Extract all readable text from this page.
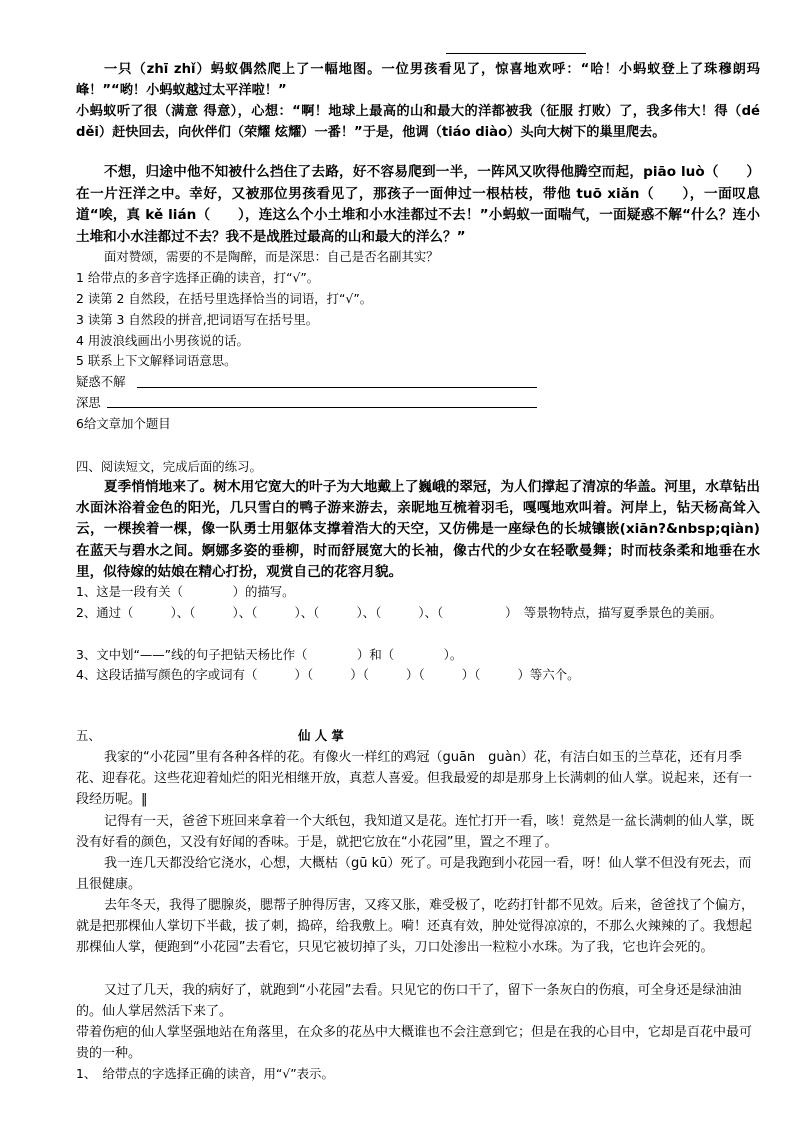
一只（zhī zhǐ）蚂蚁偶然爬上了一幅地图。一位男孩看见了，惊喜地欢呼：“哈！小蚂蚁登上了珠穆朗玛峰！”“哟！小蚂蚁越过太平洋啦！”

小蚂蚁听了很（满意 得意），心想：“啊！地球上最高的山和最大的洋都被我（征服 打败）了，我多伟大！得（dé děi）赶快回去，向伙伴们（荣耀 炫耀）一番！”于是，他调（tiáo diào）头向大树下的巢里爬去。

不想，归途中他不知被什么挡住了去路，好不容易爬到一半，一阵风又吹得他腾空而起，piāo luò（　　）在一片汪洋之中。幸好，又被那位男孩看见了，那孩子一面伸过一根枯枝，带他 tuō xiǎn（　　），一面叹息道“唉，真 kě lián（　　），连这么个小土堆和小水洼都过不去！”小蚂蚁一面喘气，一面疑惑不解“什么？连小土堆和小水洼都过不去？我不是战胜过最高的山和最大的洋么？”

面对赞颂，需要的不是陶醉，而是深思：自己是否名副其实？

1 给带点的多音字选择正确的读音，打“√”。

2 读第 2 自然段，在括号里选择恰当的词语，打“√”。

3 读第 3 自然段的拼音,把词语写在括号里。

4 用波浪线画出小男孩说的话。

5 联系上下文解释词语意思。

疑惑不解

深思

6给文章加个题目

四、阅读短文，完成后面的练习。

夏季悄悄地来了。树木用它宽大的叶子为大地戴上了巍峨的翠冠，为人们撑起了清凉的华盖。河里，水草钻出水面沐浴着金色的阳光，几只雪白的鸭子游来游去，亲昵地互梳着羽毛，嘎嘎地欢叫着。河岸上，钻天杨高耸入云，一棵挨着一棵，像一队勇士用躯体支撑着浩大的天空，又仿佛是一座绿色的长城镶嵌(xiān?&nbsp;qiàn)在蓝天与碧水之间。婀娜多姿的垂柳，时而舒展宽大的长袖，像古代的少女在轻歌曼舞；时而枝条柔和地垂在水里，似待嫁的姑娘在精心打扮，观赏自己的花容月貌。

1、这是一段有关（　　　　）的描写。

2、通过（　　　）、（　　　）、（　　　）、（　　　）、（　　　）、（　　　　　）　等景物特点，描写夏季景色的美丽。

3、文中划“——”线的句子把钻天杨比作（　　　　）和（　　　　）。

4、这段话描写颜色的字或词有（　　　）（　　　）（　　　）（　　　）（　　　）等六个。

五、	仙 人 掌

我家的“小花园”里有各种各样的花。有像火一样红的鸡冠（guān　guàn）花，有洁白如玉的兰草花，还有月季花、迎春花。这些花迎着灿烂的阳光相继开放，真惹人喜爱。但我最爱的却是那身上长满刺的仙人掌。说起来，还有一段经历呢。‖

记得有一天，爸爸下班回来拿着一个大纸包，我知道又是花。连忙打开一看，咳！竟然是一盆长满刺的仙人掌，既没有好看的颜色，又没有好闻的香味。于是，就把它放在“小花园”里，置之不理了。

我一连几天都没给它浇水，心想，大概枯（gū kū）死了。可是我跑到小花园一看，呀！仙人掌不但没有死去，而且很健康。

去年冬天，我得了腮腺炎，腮帮子肿得厉害，又疼又胀，难受极了，吃药打针都不见效。后来，爸爸找了个偏方，就是把那棵仙人掌切下半截，拔了刺，捣碎，给我敷上。嗬！还真有效，肿处觉得凉凉的，不那么火辣辣的了。我想起那棵仙人掌，便跑到“小花园”去看它，只见它被切掉了头，刀口处渗出一粒粒小水珠。为了我，它也许会死的。

又过了几天，我的病好了，就跑到“小花园”去看。只见它的伤口干了，留下一条灰白的伤痕，可全身还是绿油油的。仙人掌居然活下来了。

带着伤疤的仙人掌坚强地站在角落里，在众多的花丛中大概谁也不会注意到它；但是在我的心目中，它却是百花中最可贵的一种。

1、　给带点的字选择正确的读音，用“√”表示。
